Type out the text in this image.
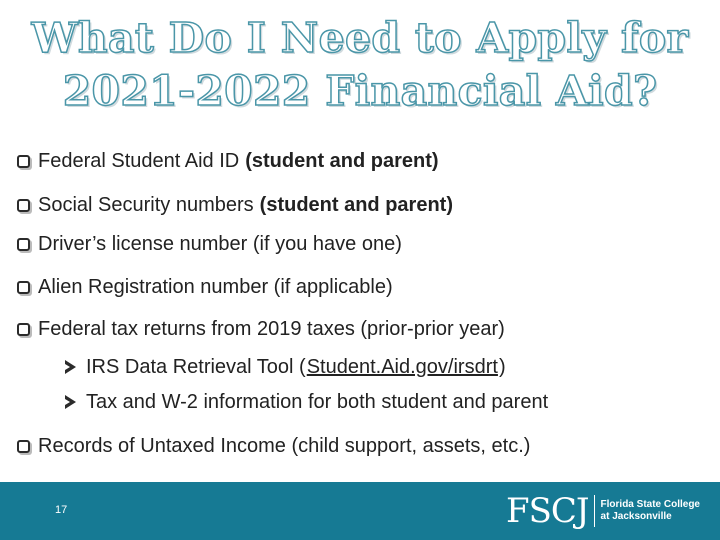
What Do I Need to Apply for
2021-2022 Financial Aid?
Federal Student Aid ID (student and parent)
Social Security numbers (student and parent)
Driver’s license number (if you have one)
Alien Registration number (if applicable)
Federal tax returns from 2019 taxes (prior-prior year)
IRS Data Retrieval Tool ( Student.Aid.gov/irsdrt )
Tax and W-2 information for both student and parent
Records of Untaxed Income (child support, assets, etc.)
17	FSCJ Florida State College
at Jacksonville
